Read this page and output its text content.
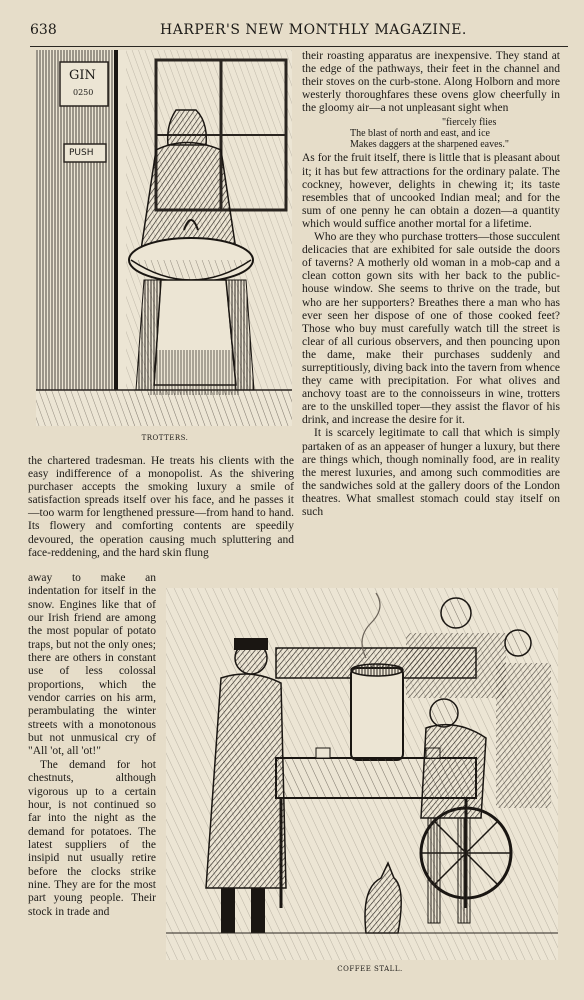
638	HARPER'S NEW MONTHLY MAGAZINE.
GIN
0250
PUSH
TROTTERS.

their roasting apparatus are inexpensive. They stand at the edge of the pathways, their feet in the channel and their stoves on the curb-stone. Along Holborn and more westerly thoroughfares these ovens glow cheerfully in the gloomy air—a not unpleasant sight when

"fiercely flies
The blast of north and east, and ice
Makes daggers at the sharpened eaves."

As for the fruit itself, there is little that is pleasant about it; it has but few attractions for the ordinary palate. The cockney, however, delights in chewing it; its taste resembles that of uncooked Indian meal; and for the sum of one penny he can obtain a dozen—a quantity which would suffice another mortal for a lifetime.

Who are they who purchase trotters—those succulent delicacies that are exhibited for sale outside the doors of taverns? A motherly old woman in a mob-cap and a clean cotton gown sits with her back to the public-house window. She seems to thrive on the trade, but who are her supporters? Breathes there a man who has ever seen her dispose of one of those cooked feet? Those who buy must carefully watch till the street is clear of all curious observers, and then pouncing upon the dame, make their purchases suddenly and surreptitiously, diving back into the tavern from whence they came with precipitation. For what olives and anchovy toast are to the connoisseurs in wine, trotters are to the unskilled toper—they assist the flavor of his drink, and increase the desire for it.

It is scarcely legitimate to call that which is simply partaken of as an appeaser of hunger a luxury, but there are things which, though nominally food, are in reality the merest luxuries, and among such commodities are the sandwiches sold at the gallery doors of the London theatres. What smallest stomach could stay itself on such

the chartered tradesman. He treats his clients with the easy indifference of a monopolist. As the shivering purchaser accepts the smoking luxury a smile of satisfaction spreads itself over his face, and he passes it—too warm for lengthened pressure—from hand to hand. Its flowery and comforting contents are speedily devoured, the operation causing much spluttering and face-reddening, and the hard skin flung

away to make an indentation for itself in the snow. Engines like that of our Irish friend are among the most popular of potato traps, but not the only ones; there are others in constant use of less colossal proportions, which the vendor carries on his arm, perambulating the winter streets with a monotonous but not unmusical cry of "All 'ot, all 'ot!"

The demand for hot chestnuts, although vigorous up to a certain hour, is not continued so far into the night as the demand for potatoes. The latest suppliers of the insipid nut usually retire before the clocks strike nine. They are for the most part young people. Their stock in trade and

COFFEE STALL.
